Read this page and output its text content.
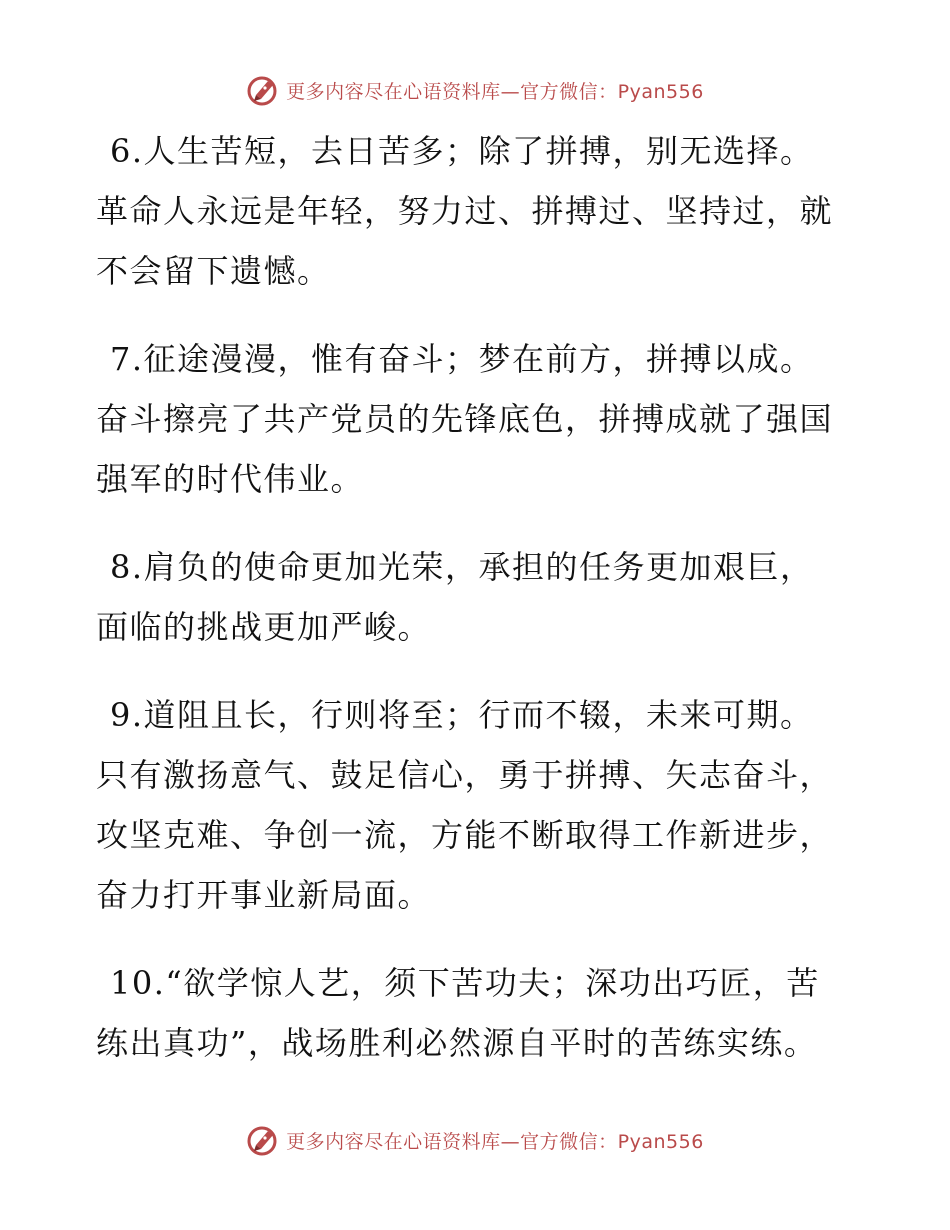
更多内容尽在心语资料库—官方微信：Pyan556

6.人生苦短，去日苦多；除了拼搏，别无选择。
革命人永远是年轻，努力过、拼搏过、坚持过，就
不会留下遗憾。

7.征途漫漫，惟有奋斗；梦在前方，拼搏以成。
奋斗擦亮了共产党员的先锋底色，拼搏成就了强国
强军的时代伟业。

8.肩负的使命更加光荣，承担的任务更加艰巨，
面临的挑战更加严峻。

9.道阻且长，行则将至；行而不辍，未来可期。
只有激扬意气、鼓足信心，勇于拼搏、矢志奋斗，
攻坚克难、争创一流，方能不断取得工作新进步，
奋力打开事业新局面。

10.“欲学惊人艺，须下苦功夫；深功出巧匠，苦
练出真功”，战场胜利必然源自平时的苦练实练。

更多内容尽在心语资料库—官方微信：Pyan556
